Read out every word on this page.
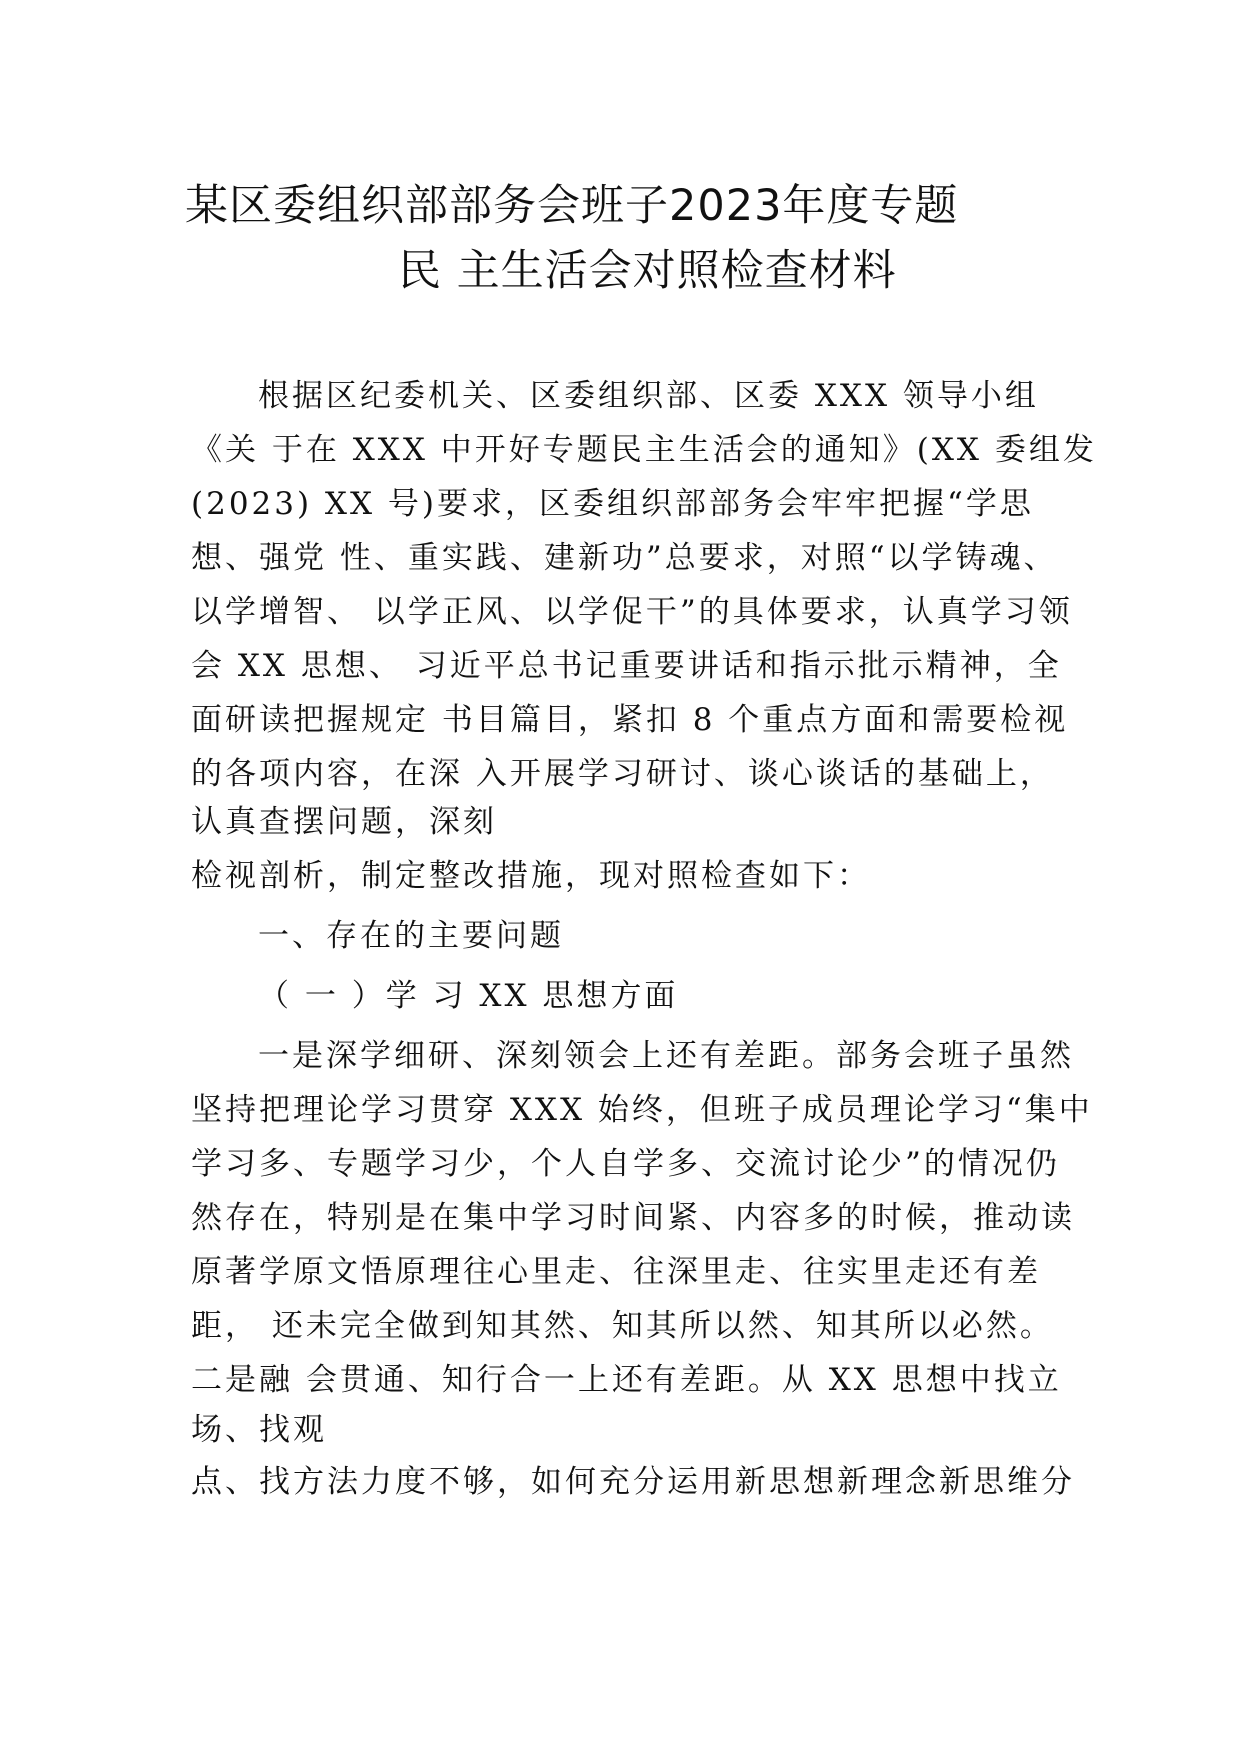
某区委组织部部务会班子2023年度专题
民 主生活会对照检查材料
根据区纪委机关、区委组织部、区委 XXX 领导小组
《关 于在 XXX 中开好专题民主生活会的通知》(XX 委组发
(2023) XX 号)要求，区委组织部部务会牢牢把握“学思
想、强党 性、重实践、建新功”总要求，对照“以学铸魂、
以学增智、 以学正风、以学促干”的具体要求，认真学习领
会 XX 思想、 习近平总书记重要讲话和指示批示精神，全
面研读把握规定 书目篇目，紧扣 8 个重点方面和需要检视
的各项内容，在深 入开展学习研讨、谈心谈话的基础上，
认真查摆问题，深刻
检视剖析，制定整改措施，现对照检查如下：
一、存在的主要问题
（ 一 ）学 习 XX 思想方面
一是深学细研、深刻领会上还有差距。部务会班子虽然
坚持把理论学习贯穿 XXX 始终，但班子成员理论学习“集中
学习多、专题学习少，个人自学多、交流讨论少”的情况仍
然存在，特别是在集中学习时间紧、内容多的时候，推动读
原著学原文悟原理往心里走、往深里走、往实里走还有差
距， 还未完全做到知其然、知其所以然、知其所以必然。
二是融 会贯通、知行合一上还有差距。从 XX 思想中找立
场、找观
点、找方法力度不够，如何充分运用新思想新理念新思维分
